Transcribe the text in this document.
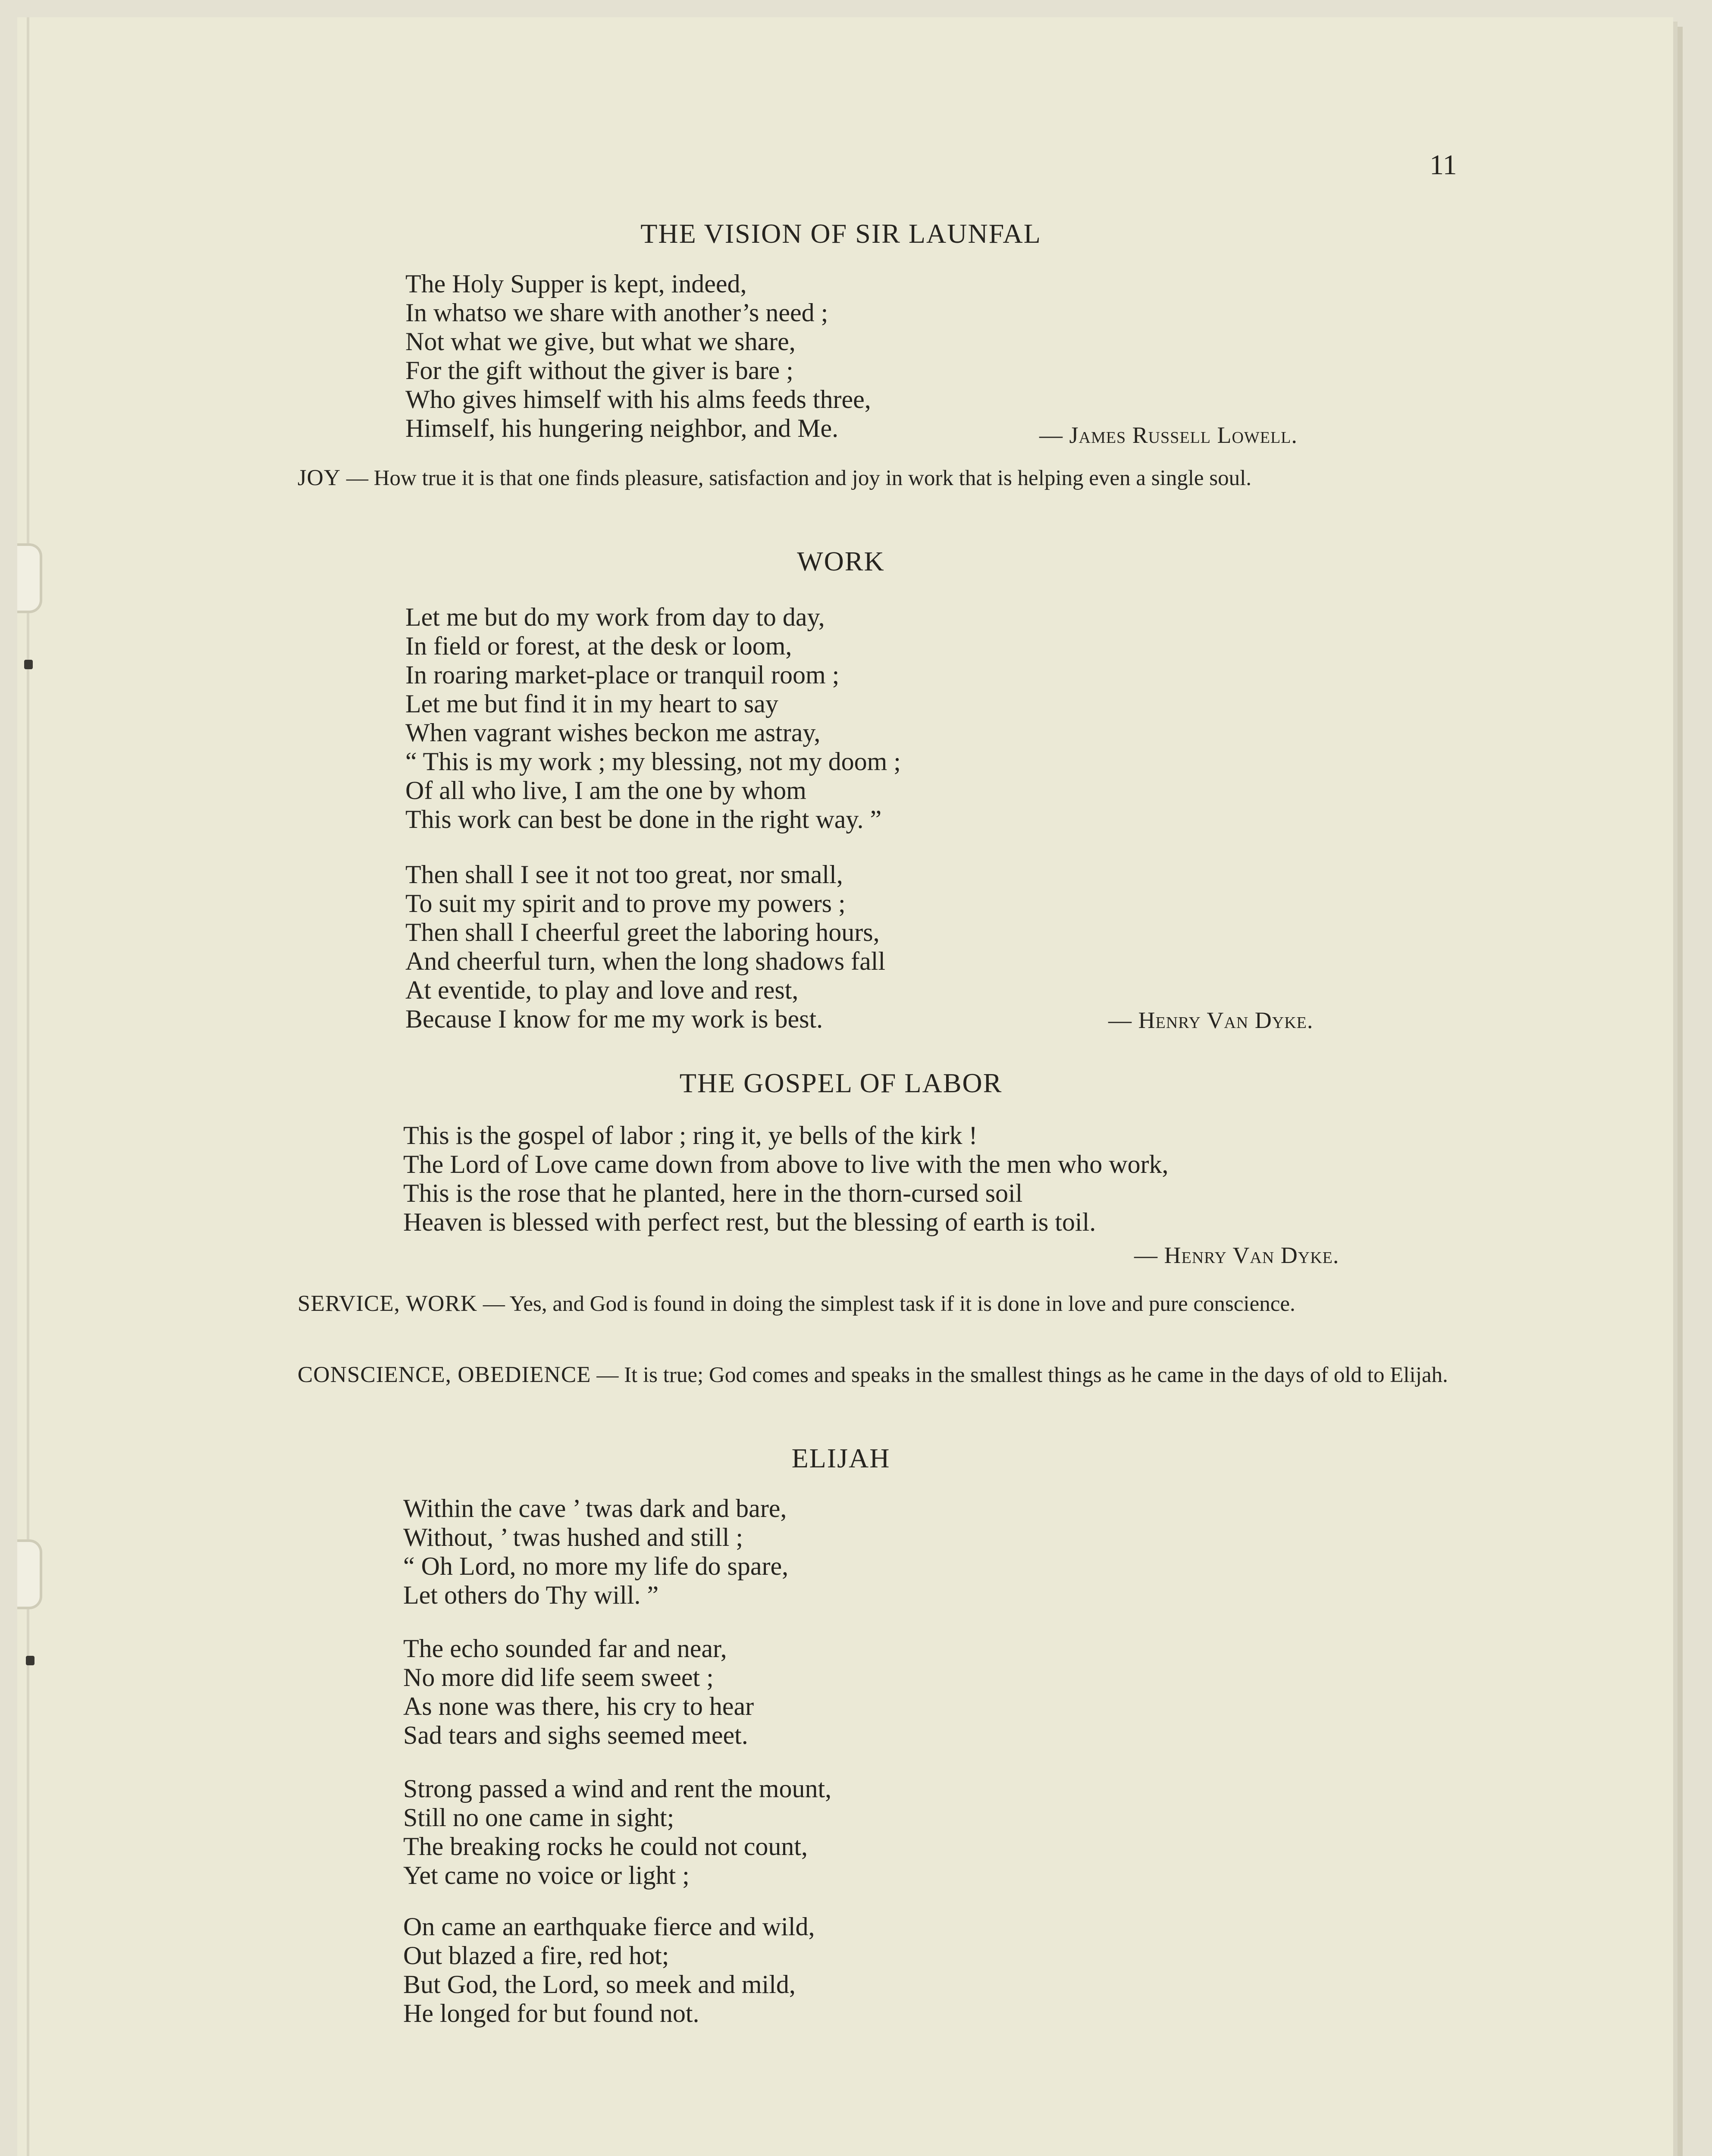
11
THE VISION OF SIR LAUNFAL
The Holy Supper is kept, indeed,
In whatso we share with another’s need ;
Not what we give, but what we share,
For the gift without the giver is bare ;
Who gives himself with his alms feeds three,
Himself, his hungering neighbor, and Me.	— James Russell Lowell.
JOY — How true it is that one finds pleasure, satisfaction and joy in work that is helping even a single soul.
WORK
Let me but do my work from day to day,
In field or forest, at the desk or loom,
In roaring market-place or tranquil room ;
Let me but find it in my heart to say
When vagrant wishes beckon me astray,
“ This is my work ; my blessing, not my doom ;
Of all who live, I am the one by whom
This work can best be done in the right way. ”
Then shall I see it not too great, nor small,
To suit my spirit and to prove my powers ;
Then shall I cheerful greet the laboring hours,
And cheerful turn, when the long shadows fall
At eventide, to play and love and rest,
Because I know for me my work is best.	— Henry Van Dyke.
THE GOSPEL OF LABOR
This is the gospel of labor ; ring it, ye bells of the kirk !
The Lord of Love came down from above to live with the men who work,
This is the rose that he planted, here in the thorn-cursed soil
Heaven is blessed with perfect rest, but the blessing of earth is toil.
— Henry Van Dyke.
SERVICE, WORK — Yes, and God is found in doing the simplest task if it is done in love and pure conscience.
CONSCIENCE, OBEDIENCE — It is true; God comes and speaks in the smallest things as he came in the days of old to Elijah.
ELIJAH
Within the cave ’ twas dark and bare,
Without, ’ twas hushed and still ;
“ Oh Lord, no more my life do spare,
Let others do Thy will. ”
The echo sounded far and near,
No more did life seem sweet ;
As none was there, his cry to hear
Sad tears and sighs seemed meet.
Strong passed a wind and rent the mount,
Still no one came in sight;
The breaking rocks he could not count,
Yet came no voice or light ;
On came an earthquake fierce and wild,
Out blazed a fire, red hot;
But God, the Lord, so meek and mild,
He longed for but found not.
